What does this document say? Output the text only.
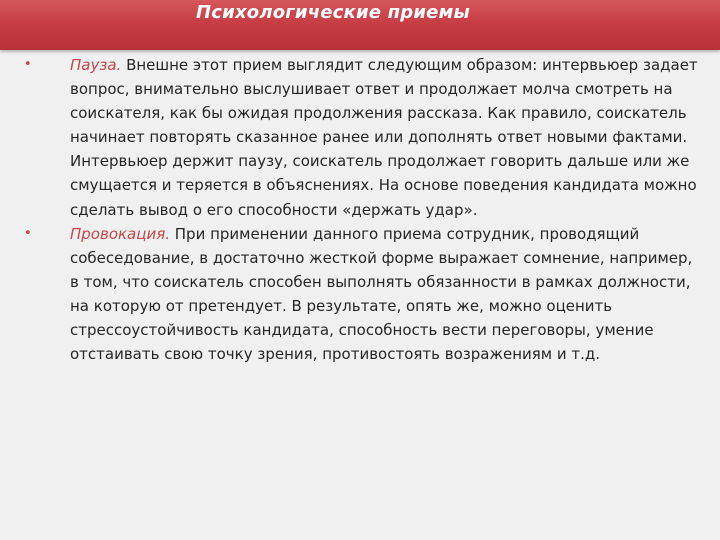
Психологические приемы
•	Пауза. Внешне этот прием выглядит следующим образом: интервьюер задает вопрос, внимательно выслушивает ответ и продолжает молча смотреть на соискателя, как бы ожидая продолжения рассказа. Как правило, соискатель начинает повторять сказанное ранее или дополнять ответ новыми фактами. Интервьюер держит паузу, соискатель продолжает говорить дальше или же смущается и теряется в объяснениях. На основе поведения кандидата можно сделать вывод о его способности «держать удар».
•	Провокация. При применении данного приема сотрудник, проводящий собеседование, в достаточно жесткой форме выражает сомнение, например, в том, что соискатель способен выполнять обязанности в рамках должности, на которую от претендует. В результате, опять же, можно оценить стрессоустойчивость кандидата, способность вести переговоры, умение отстаивать свою точку зрения, противостоять возражениям и т.д.
